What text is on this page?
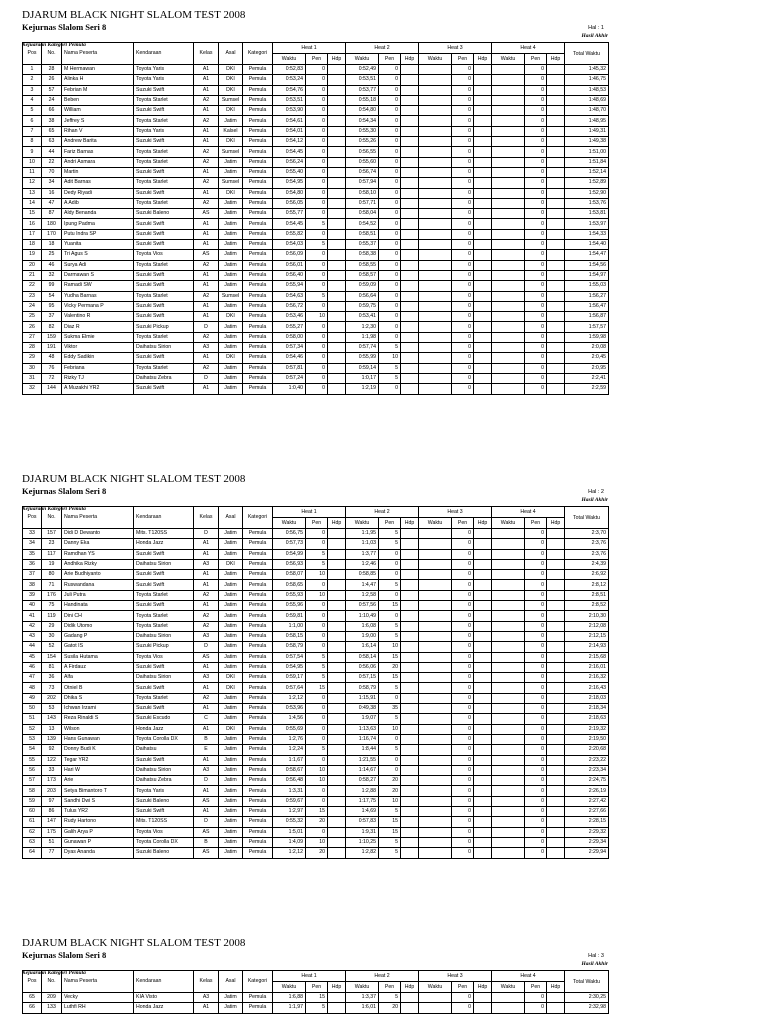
DJARUM BLACK NIGHT SLALOM TEST 2008
Kejurnas Slalom Seri 8	Hal : 1
Kejuaraan Kategori Pemula
Hasil Akhir
Pos	No.	Nama Peserta	Kendaraan	Kelas	Asal	Kategori	Heat 1			Heat 2			Heat 3			Heat 4			Total Waktu
							Waktu	Pen	Hdp	Waktu	Pen	Hdp	Waktu	Pen	Hdp	Waktu	Pen	Hdp	
1	28	M Hermawan	Toyota Yaris	A1	DKI	Pemula	0:52,83	0		0:52,49	0			0			0		1:45,32
2	26	Alinka H	Toyota Yaris	A1	DKI	Pemula	0:53,24	0		0:53,51	0			0			0		1:46,75
3	57	Febrian M	Suzuki Swift	A1	DKI	Pemula	0:54,76	0		0:53,77	0			0			0		1:48,53
4	24	Beben	Toyota Starlet	A2	Sumsel	Pemula	0:53,51	0		0:55,18	0			0			0		1:48,69
5	66	William	Suzuki Swift	A1	DKI	Pemula	0:53,90	0		0:54,80	0			0			0		1:48,70
6	38	Jeffrey S	Toyota Starlet	A2	Jatim	Pemula	0:54,61	0		0:54,34	0			0			0		1:48,95
7	65	Rihan V	Toyota Yaris	A1	Kalsel	Pemula	0:54,01	0		0:55,30	0			0			0		1:49,31
8	63	Andrew Barita	Suzuki Swift	A1	DKI	Pemula	0:54,12	0		0:55,26	0			0			0		1:49,38
9	44	Fariz Barnas	Toyota Starlet	A2	Sumsel	Pemula	0:54,45	0		0:56,55	0			0			0		1:51,00
10	22	Andri Asmara	Toyota Starlet	A2	Jatim	Pemula	0:56,24	0		0:55,60	0			0			0		1:51,84
11	70	Martin	Suzuki Swift	A1	Jatim	Pemula	0:55,40	0		0:56,74	0			0			0		1:52,14
12	34	Adit Barnas	Toyota Starlet	A2	Sumsel	Pemula	0:54,95	0		0:57,94	0			0			0		1:52,89
13	16	Dedy Riyadi	Suzuki Swift	A1	DKI	Pemula	0:54,80	0		0:58,10	0			0			0		1:52,90
14	47	A Adib	Toyota Starlet	A2	Jatim	Pemula	0:56,05	0		0:57,71	0			0			0		1:53,76
15	87	Aldy Benanda	Suzuki Baleno	AS	Jatim	Pemula	0:55,77	0		0:58,04	0			0			0		1:53,81
16	180	Ipung Padma	Suzuki Swift	A1	Jatim	Pemula	0:54,45	5		0:54,52	0			0			0		1:53,97
17	170	Putu Indra SP	Suzuki Swift	A1	Jatim	Pemula	0:55,82	0		0:58,51	0			0			0		1:54,33
18	18	Yuanita	Suzuki Swift	A1	Jatim	Pemula	0:54,03	5		0:55,37	0			0			0		1:54,40
19	25	Tri Agus S	Toyota Vios	AS	Jatim	Pemula	0:56,09	0		0:58,38	0			0			0		1:54,47
20	46	Surya Adi	Toyota Starlet	A2	Jatim	Pemula	0:56,01	0		0:58,55	0			0			0		1:54,56
21	32	Darmawan S	Suzuki Swift	A1	Jatim	Pemula	0:56,40	0		0:58,57	0			0			0		1:54,97
22	99	Ramadi SW	Suzuki Swift	A1	Jatim	Pemula	0:55,94	0		0:59,09	0			0			0		1:55,03
23	54	Yudha Barnas	Toyota Starlet	A2	Sumsel	Pemula	0:54,63	5		0:56,64	0			0			0		1:56,27
24	95	Vicky Permana P	Suzuki Swift	A1	Jatim	Pemula	0:56,72	0		0:59,75	0			0			0		1:56,47
25	37	Valentino R	Suzuki Swift	A1	DKI	Pemula	0:53,46	10		0:53,41	0			0			0		1:56,87
26	82	Diaz R	Suzuki Pickup	D	Jatim	Pemula	0:55,27	0		1:2,30	0			0			0		1:57,57
27	159	Sukma Elmie	Toyota Starlet	A2	Jatim	Pemula	0:58,00	0		1:1,98	0			0			0		1:59,98
28	191	Viktor	Daihatsu Sirion	A3	Jatim	Pemula	0:57,34	0		0:57,74	5			0			0		2:0,08
29	48	Eddy Sadikin	Suzuki Swift	A1	DKI	Pemula	0:54,46	0		0:55,99	10			0			0		2:0,45
30	76	Febriana	Toyota Starlet	A2	Jatim	Pemula	0:57,81	0		0:59,14	5			0			0		2:0,95
31	72	Rizky TJ	Daihatsu Zebra	D	Jatim	Pemula	0:57,24	0		1:0,17	5			0			0		2:2,41
32	144	A Muzakhi YR2	Suzuki Swift	A1	Jatim	Pemula	1:0,40	0		1:2,19	0			0			0		2:2,59
DJARUM BLACK NIGHT SLALOM TEST 2008
Kejurnas Slalom Seri 8	Hal : 2
Kejuaraan Kategori Pemula
Hasil Akhir
Pos	No.	Nama Peserta	Kendaraan	Kelas	Asal	Kategori	Heat 1			Heat 2			Heat 3			Heat 4			Total Waktu
							Waktu	Pen	Hdp	Waktu	Pen	Hdp	Waktu	Pen	Hdp	Waktu	Pen	Hdp	
33	157	Didi D Dewanto	Mits. T120SS	D	Jatim	Pemula	0:56,75	0		1:1,95	5			0			0		2:3,70
34	23	Danny Eka	Honda Jazz	A1	Jatim	Pemula	0:57,73	0		1:1,03	5			0			0		2:3,76
35	117	Ramdhan YS	Suzuki Swift	A1	Jatim	Pemula	0:54,99	5		1:3,77	0			0			0		2:3,76
36	19	Andhika Rizky	Daihatsu Sirion	A3	DKI	Pemula	0:56,93	5		1:2,46	0			0			0		2:4,39
37	80	Arie Budhiyanto	Suzuki Swift	A1	Jatim	Pemula	0:58,07	10		0:58,85	0			0			0		2:6,92
38	71	Ruswandana	Suzuki Swift	A1	Jatim	Pemula	0:58,65	0		1:4,47	5			0			0		2:8,12
39	176	Juli Putra	Toyota Starlet	A2	Jatim	Pemula	0:55,93	10		1:2,58	0			0			0		2:8,51
40	75	Handinata	Suzuki Swift	A1	Jatim	Pemula	0:55,96	0		0:57,56	15			0			0		2:8,52
41	119	Dini CH	Toyota Starlet	A2	Jatim	Pemula	0:59,81	0		1:10,49	0			0			0		2:10,30
42	29	Didik Utomo	Toyota Starlet	A2	Jatim	Pemula	1:1,00	0		1:6,08	5			0			0		2:12,08
43	30	Gadang P	Daihatsu Sirion	A3	Jatim	Pemula	0:58,15	0		1:9,00	5			0			0		2:12,15
44	52	Gatot IS	Suzuki Pickup	D	Jatim	Pemula	0:58,79	0		1:6,14	10			0			0		2:14,93
45	154	Susila Hutama	Toyota Vios	AS	Jatim	Pemula	0:57,54	5		0:58,14	15			0			0		2:15,68
46	81	A Firdauz	Suzuki Swift	A1	Jatim	Pemula	0:54,95	5		0:56,06	20			0			0		2:16,01
47	36	Alfa	Daihatsu Sirion	A3	DKI	Pemula	0:59,17	5		0:57,15	15			0			0		2:16,32
48	73	Otniel B	Suzuki Swift	A1	DKI	Pemula	0:57,64	15		0:58,79	5			0			0		2:16,43
49	202	Dhika S	Toyota Starlet	A2	Jatim	Pemula	1:2,12	0		1:15,91	0			0			0		2:18,03
50	53	Ichwan Irzami	Suzuki Swift	A1	Jatim	Pemula	0:53,96	0		0:49,38	35			0			0		2:18,34
51	143	Reza Rinaldi S	Suzuki Escudo	C	Jatim	Pemula	1:4,56	0		1:9,07	5			0			0		2:18,63
52	13	Wilson	Honda Jazz	A1	DKI	Pemula	0:55,69	0		1:13,63	10			0			0		2:19,32
53	139	Hans Gunawan	Toyota Corolla DX	B	Jatim	Pemula	1:2,76	0		1:16,74	0			0			0		2:19,50
54	92	Donny Budi K	Daihatsu	E	Jatim	Pemula	1:2,24	5		1:8,44	5			0			0		2:20,68
55	122	Tegar YR2	Suzuki Swift	A1	Jatim	Pemula	1:1,67	0		1:21,55	0			0			0		2:23,22
56	33	Hari W	Daihatsu Sirion	A3	Jatim	Pemula	0:58,67	10		1:14,67	0			0			0		2:23,34
57	173	Arie	Daihatsu Zebra	D	Jatim	Pemula	0:56,48	10		0:58,27	20			0			0		2:24,75
58	203	Setya Bimantoro T	Toyota Yaris	A1	Jatim	Pemula	1:3,31	0		1:2,88	20			0			0		2:26,19
59	97	Sandhi Dwi S	Suzuki Baleno	AS	Jatim	Pemula	0:59,67	0		1:17,75	10			0			0		2:27,42
60	86	Tulus YR2	Suzuki Swift	A1	Jatim	Pemula	1:2,97	15		1:4,69	5			0			0		2:27,66
61	147	Rudy Hartono	Mits. T120SS	D	Jatim	Pemula	0:55,32	20		0:57,83	15			0			0		2:28,15
62	175	Galih Arya P	Toyota Vios	AS	Jatim	Pemula	1:5,01	0		1:9,31	15			0			0		2:29,32
63	51	Gunawan P	Toyota Corolla DX	B	Jatim	Pemula	1:4,09	10		1:10,25	5			0			0		2:29,34
64	77	Dyas Ananda	Suzuki Baleno	AS	Jatim	Pemula	1:2,12	20		1:2,82	5			0			0		2:29,94
DJARUM BLACK NIGHT SLALOM TEST 2008
Kejurnas Slalom Seri 8	Hal : 3
Kejuaraan Kategori Pemula
Hasil Akhir
Pos	No.	Nama Peserta	Kendaraan	Kelas	Asal	Kategori	Heat 1			Heat 2			Heat 3			Heat 4			Total Waktu
							Waktu	Pen	Hdp	Waktu	Pen	Hdp	Waktu	Pen	Hdp	Waktu	Pen	Hdp	
65	209	Vecky	KIA Visto	A3	Jatim	Pemula	1:6,88	15		1:3,37	5			0			0		2:30,25
66	133	Luthfi RH	Honda Jazz	A1	Jatim	Pemula	1:1,97	5		1:6,01	20			0			0		2:32,98
